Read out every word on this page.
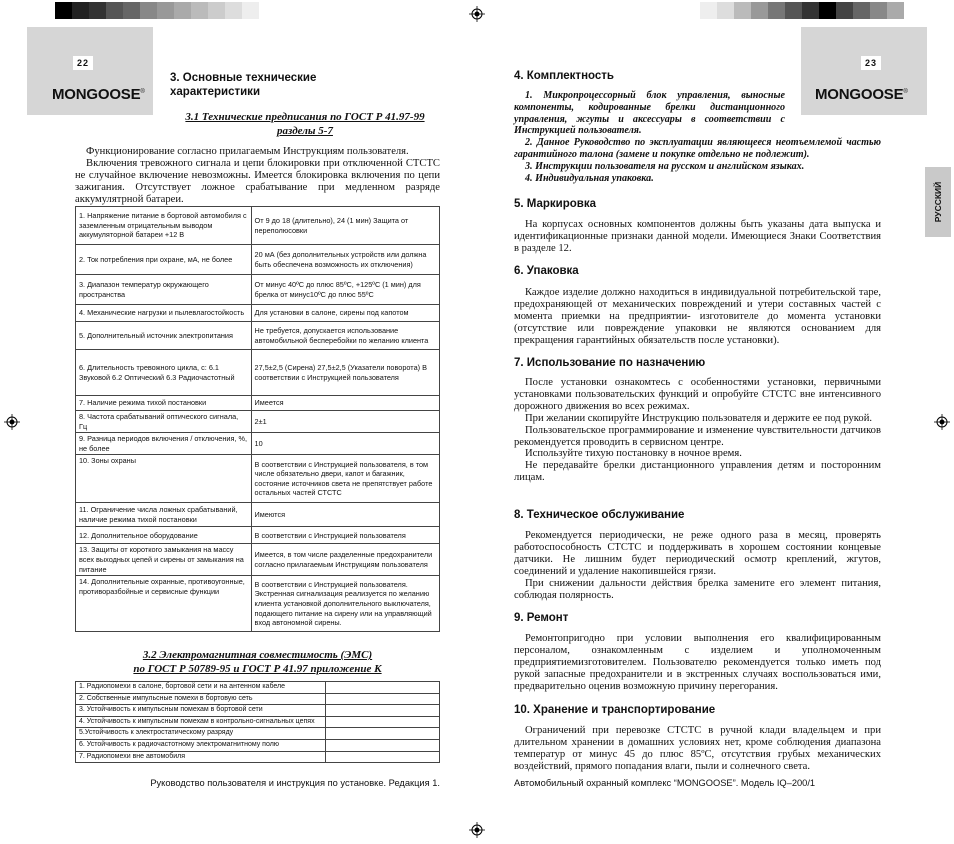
22
MONGOOSE®
23
MONGOOSE®
РУССКИЙ
3. Основные технические характеристики

3.1 Технические предписания по ГОСТ Р 41.97-99 разделы 5-7

Функционирование согласно прилагаемым Инструкциям пользователя.

Включения тревожного сигнала и цепи блокировки при отключенной СТСТС не случайное включение невозможны. Имеется блокировка включения по цепи зажигания. Отсутствует ложное срабатывание при медленном разряде аккумулятрной батареи.

1. Напряжение питание в бортовой автомобиля с заземленным отрицательным выводом аккумуляторной батареи +12 В	От 9 до 18 (длительно), 24 (1 мин) Защита от переполюсовки
2. Ток потребления при охране, мА, не более	20 мА (без дополнительных устройств или должна быть обеспечена возможность их отключения)
3. Диапазон температур окружающего пространства	От минус 40ºС до плюс 85ºС, +125ºС (1 мин) для брелка от минус10ºС до плюс 55ºС
4. Механические нагрузки и пылевлагостойкость	Для установки в салоне, сирены под капотом
5. Дополнительный источник электропитания	Не требуется, допускается использование автомобильной бесперебойки по желанию клиента
6. Длительность тревожного цикла, с: 6.1 Звуковой 6.2 Оптический 6.3 Радиочастотный	27,5±2,5 (Сирена) 27,5±2,5 (Указатели поворота) В соответствии с Инструкцией пользователя
7. Наличие режима тихой постановки	Имеется
8. Частота срабатываний оптического сигнала, Гц	2±1
9. Разница периодов включения / отключения, %, не более	10
10. Зоны охраны	В соответствии с Инструкцией пользователя, в том числе обязательно двери, капот и багажник, состояние источников света не препятствует работе остальных частей СТСТС
11. Ограничение числа ложных срабатываний, наличие режима тихой постановки	Имеются
12. Дополнительное оборудование	В соответствии с Инструкцией пользователя
13. Защиты от короткого замыкания на массу всех выходных цепей и сирены от замыкания на питание	Имеется, в том числе разделенные предохранители согласно прилагаемым Инструкциям пользователя
14. Дополнительные охранные, противоугонные, противоразбойные и сервисные функции	В соответствии с Инструкцией пользователя. Экстренная сигнализация реализуется по желанию клиента установкой дополнительного выключателя, подающего питание на сирену или на управляющий вход автономной сирены.

3.2 Электромагнитная совместимость (ЭМС)
по ГОСТ Р 50789-95 и ГОСТ Р 41.97 приложение К

1. Радиопомехи в салоне, бортовой сети и на антенном кабеле	
2. Собственные импульсные помехи в бортовую сеть	
3. Устойчивость к импульсным помехам в бортовой сети	
4. Устойчивость к импульсным помехам в контрольно-сигнальных цепях	
5.Устойчивость к электростатическому разряду	
6. Устойчивость к радиочастотному электромагнитному полю	
7. Радиопомехи вне автомобиля	
Руководство пользователя и инструкция по установке. Редакция 1.
4. Комплектность
1. Микропроцессорный блок управления, выносные компоненты, кодированные брелки дистанционного управления, жгуты и аксессуары в соответствии с Инструкцией пользователя.
2. Данное Руководство по эксплуатации являющееся неотъемлемой частью гарантийного талона (замене и покупке отдельно не подлежит).
3. Инструкции пользователя на русском и английском языках.
4. Индивидуальная упаковка.
5. Маркировка

На корпусах основных компонентов должны быть указаны дата выпуска и идентификационные признаки данной модели. Имеющиеся Знаки Соответствия в разделе 12.

6. Упаковка

Каждое изделие должно находиться в индивидуальной потребительской таре, предохраняющей от механических повреждений и утери составных частей с момента приемки на предприятии- изготовителе до момента установки (отсутствие или повреждение упаковки не являются основанием для прекращения гарантийных обязательств после установки).

7. Использование по назначению

После установки ознакомтесь с особенностями установки, первичными установками пользовательских функций и опробуйте СТСТС вне интенсивного дорожного движения во всех режимах.

При желании скопируйте Инструкцию пользователя и держите ее под рукой.

Пользовательское программирование и изменение чувствительности датчиков рекомендуется проводить в сервисном центре.

Используйте тихую постановку в ночное время.

Не передавайте брелки дистанционного управления детям и посторонним лицам.

8. Техническое обслуживание

Рекомендуется периодически, не реже одного раза в месяц, проверять работоспособность СТСТС и поддерживать в хорошем состоянии концевые датчики. Не лишним будет периодический осмотр креплений, жгутов, соединений и удаление накопившейся грязи.

При снижении дальности действия брелка замените его элемент питания, соблюдая полярность.

9. Ремонт

Ремонтопригодно при условии выполнения его квалифицированным персоналом, ознакомленным с изделием и уполномоченным предприятиемизготовителем. Пользователю рекомендуется только иметь под рукой запасные предохранители и в экстренных случаях воспользоваться ими, предварительно оценив возможную причину перегорания.

10. Хранение и транспортирование

Ограничений при перевозке СТСТС в ручной клади владельцем и при длительном хранении в домашних условиях нет, кроме соблюдения диапазона температур от минус 45 до плюс 85ºС, отсутствия грубых механических воздействий, прямого попадания влаги, пыли и солнечного света.

Автомобильный охранный комплекс “MONGOOSE”. Модель IQ–200/1
